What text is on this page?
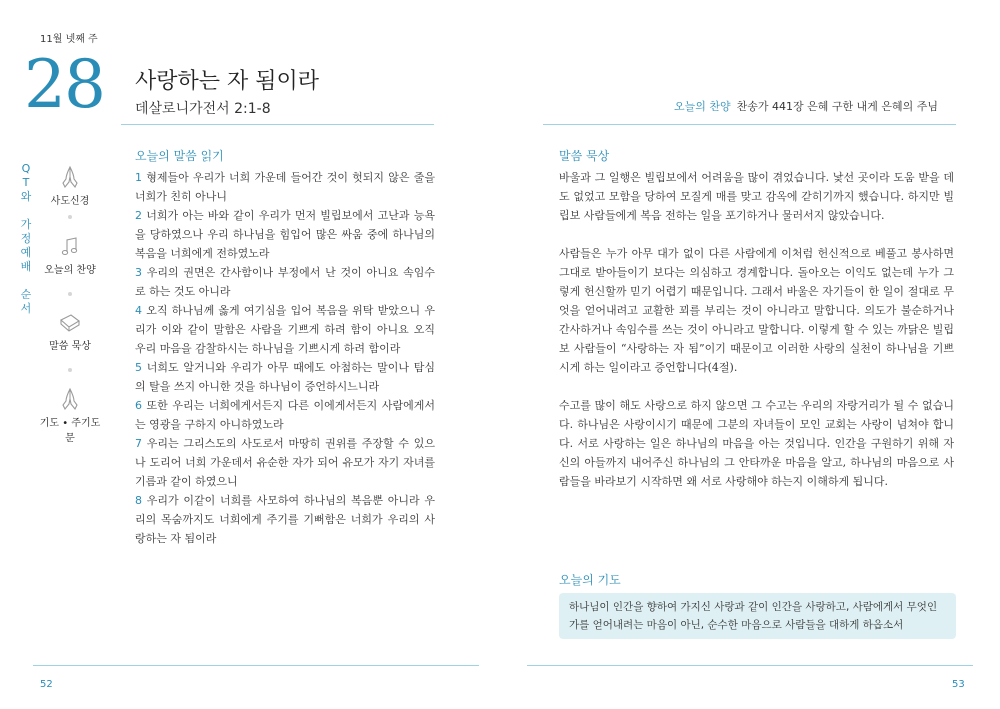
11월 넷째 주
28 사랑하는 자 됨이라
데살로니가전서 2:1-8	오늘의 찬양 찬송가 441장 은혜 구한 내게 은혜의 주님
Q
T
와
가
정
예
배
순
서
사도신경
오늘의 찬양
말씀 묵상
기도 • 주기도문
오늘의 말씀 읽기
1 형제들아 우리가 너희 가운데 들어간 것이 헛되지 않은 줄을 너희가 친히 아나니
2 너희가 아는 바와 같이 우리가 먼저 빌립보에서 고난과 능욕을 당하였으나 우리 하나님을 힘입어 많은 싸움 중에 하나님의 복음을 너희에게 전하였노라
3 우리의 권면은 간사함이나 부정에서 난 것이 아니요 속임수로 하는 것도 아니라
4 오직 하나님께 옳게 여기심을 입어 복음을 위탁 받았으니 우리가 이와 같이 말함은 사람을 기쁘게 하려 함이 아니요 오직 우리 마음을 감찰하시는 하나님을 기쁘시게 하려 함이라
5 너희도 알거니와 우리가 아무 때에도 아첨하는 말이나 탐심의 탈을 쓰지 아니한 것을 하나님이 증언하시느니라
6 또한 우리는 너희에게서든지 다른 이에게서든지 사람에게서는 영광을 구하지 아니하였노라
7 우리는 그리스도의 사도로서 마땅히 권위를 주장할 수 있으나 도리어 너희 가운데서 유순한 자가 되어 유모가 자기 자녀를 기름과 같이 하였으니
8 우리가 이같이 너희를 사모하여 하나님의 복음뿐 아니라 우리의 목숨까지도 너희에게 주기를 기뻐함은 너희가 우리의 사랑하는 자 됨이라
말씀 묵상

바울과 그 일행은 빌립보에서 어려움을 많이 겪었습니다. 낯선 곳이라 도움 받을 데도 없었고 모함을 당하여 모질게 매를 맞고 감옥에 갇히기까지 했습니다. 하지만 빌립보 사람들에게 복음 전하는 일을 포기하거나 물러서지 않았습니다.

사람들은 누가 아무 대가 없이 다른 사람에게 이처럼 헌신적으로 베풀고 봉사하면 그대로 받아들이기 보다는 의심하고 경계합니다. 돌아오는 이익도 없는데 누가 그렇게 헌신할까 믿기 어렵기 때문입니다. 그래서 바울은 자기들이 한 일이 절대로 무엇을 얻어내려고 교활한 꾀를 부리는 것이 아니라고 말합니다. 의도가 불순하거나 간사하거나 속임수를 쓰는 것이 아니라고 말합니다. 이렇게 할 수 있는 까닭은 빌립보 사람들이 “사랑하는 자 됨”이기 때문이고 이러한 사랑의 실천이 하나님을 기쁘시게 하는 일이라고 증언합니다(4절).

수고를 많이 해도 사랑으로 하지 않으면 그 수고는 우리의 자랑거리가 될 수 없습니다. 하나님은 사랑이시기 때문에 그분의 자녀들이 모인 교회는 사랑이 넘쳐야 합니다. 서로 사랑하는 일은 하나님의 마음을 아는 것입니다. 인간을 구원하기 위해 자신의 아들까지 내어주신 하나님의 그 안타까운 마음을 알고, 하나님의 마음으로 사람들을 바라보기 시작하면 왜 서로 사랑해야 하는지 이해하게 됩니다.

오늘의 기도
하나님이 인간을 향하여 가지신 사랑과 같이 인간을 사랑하고, 사람에게서 무엇인가를 얻어내려는 마음이 아닌, 순수한 마음으로 사람들을 대하게 하옵소서
52	53
